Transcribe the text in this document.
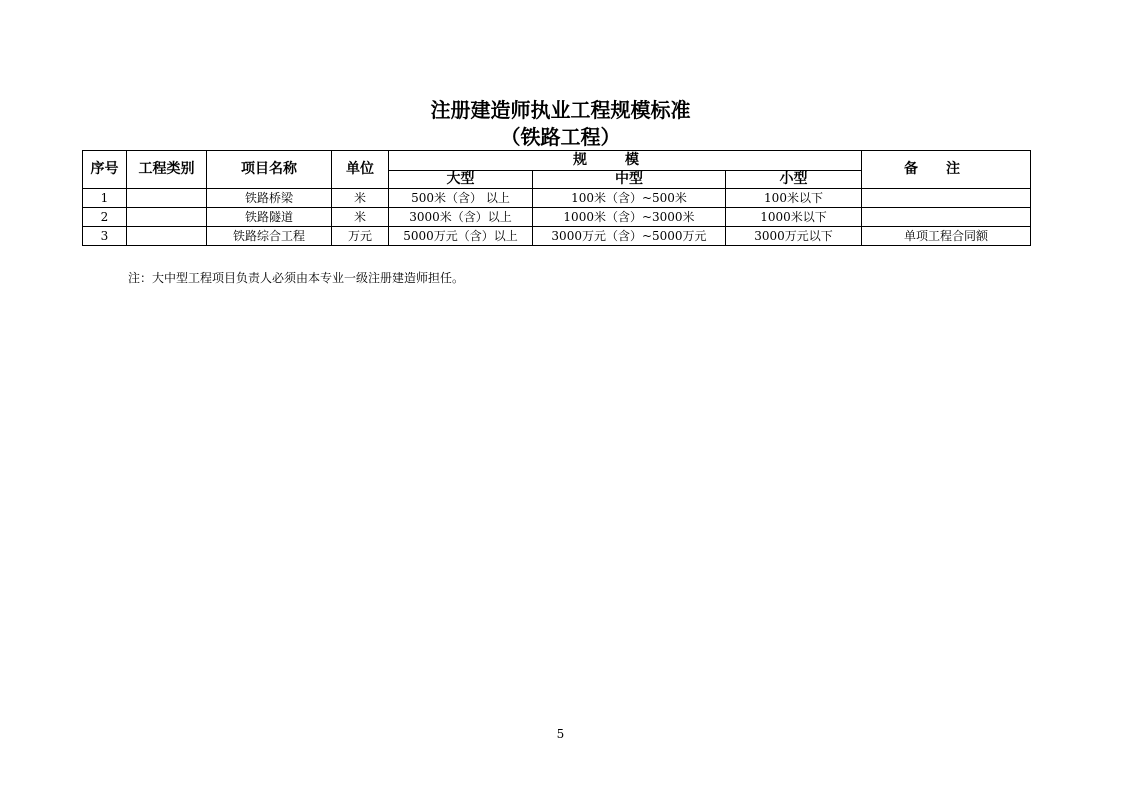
注册建造师执业工程规模标准
（铁路工程）
序号	工程类别	项目名称	单位	规模			备注
				大型	中型	小型	
1		铁路桥梁	米	500米（含） 以上	100米（含）~500米	100米以下	
2		铁路隧道	米	3000米（含）以上	1000米（含）~3000米	1000米以下	
3		铁路综合工程	万元	5000万元（含）以上	3000万元（含）~5000万元	3000万元以下	单项工程合同额

注：大中型工程项目负责人必须由本专业一级注册建造师担任。

5
